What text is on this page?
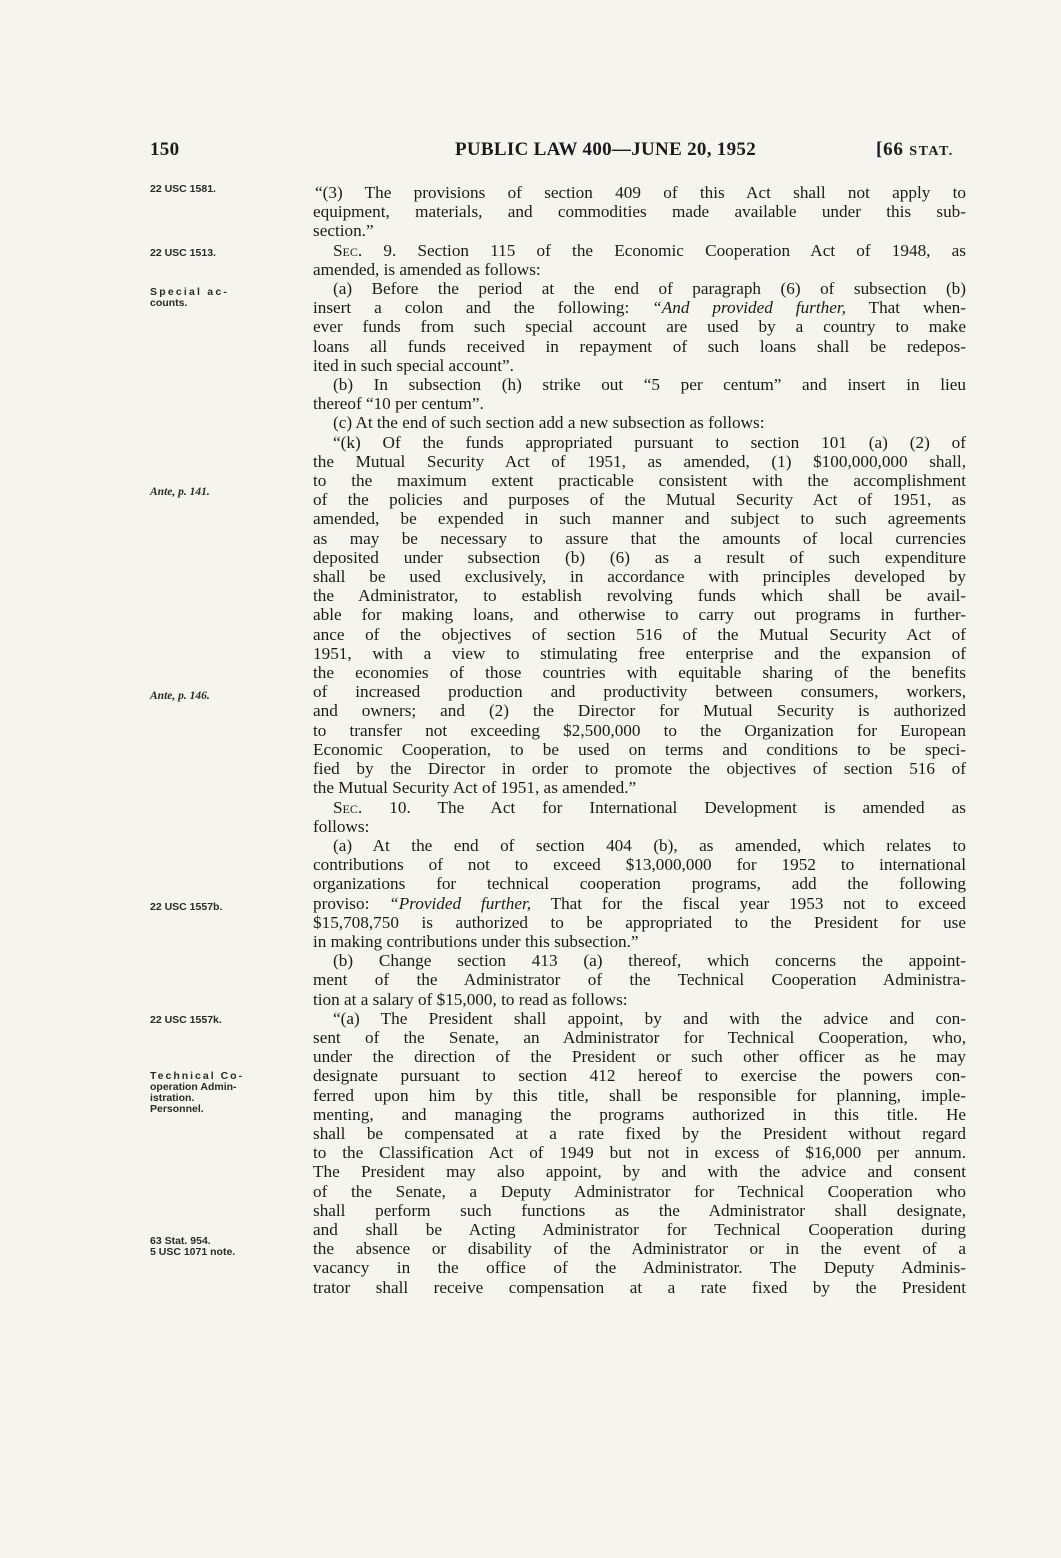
150	PUBLIC LAW 400—JUNE 20, 1952	[66 STAT.
22 USC 1581.
22 USC 1513.
Special ac-
counts.
Ante, p. 141.
Ante, p. 146.
22 USC 1557b.
22 USC 1557k.
Technical Co-
operation Admin-
istration.
Personnel.
63 Stat. 954.
5 USC 1071 note.
“(3) The provisions of section 409 of this Act shall not apply to
equipment, materials, and commodities made available under this sub-
section.”
Sec. 9. Section 115 of the Economic Cooperation Act of 1948, as
amended, is amended as follows:
(a) Before the period at the end of paragraph (6) of subsection (b)
insert a colon and the following: “And provided further, That when-
ever funds from such special account are used by a country to make
loans all funds received in repayment of such loans shall be redepos-
ited in such special account”.
(b) In subsection (h) strike out “5 per centum” and insert in lieu
thereof “10 per centum”.
(c) At the end of such section add a new subsection as follows:
“(k) Of the funds appropriated pursuant to section 101 (a) (2) of
the Mutual Security Act of 1951, as amended, (1) $100,000,000 shall,
to the maximum extent practicable consistent with the accomplishment
of the policies and purposes of the Mutual Security Act of 1951, as
amended, be expended in such manner and subject to such agreements
as may be necessary to assure that the amounts of local currencies
deposited under subsection (b) (6) as a result of such expenditure
shall be used exclusively, in accordance with principles developed by
the Administrator, to establish revolving funds which shall be avail-
able for making loans, and otherwise to carry out programs in further-
ance of the objectives of section 516 of the Mutual Security Act of
1951, with a view to stimulating free enterprise and the expansion of
the economies of those countries with equitable sharing of the benefits
of increased production and productivity between consumers, workers,
and owners; and (2) the Director for Mutual Security is authorized
to transfer not exceeding $2,500,000 to the Organization for European
Economic Cooperation, to be used on terms and conditions to be speci-
fied by the Director in order to promote the objectives of section 516 of
the Mutual Security Act of 1951, as amended.”
Sec. 10. The Act for International Development is amended as
follows:
(a) At the end of section 404 (b), as amended, which relates to
contributions of not to exceed $13,000,000 for 1952 to international
organizations for technical cooperation programs, add the following
proviso: “Provided further, That for the fiscal year 1953 not to exceed
$15,708,750 is authorized to be appropriated to the President for use
in making contributions under this subsection.”
(b) Change section 413 (a) thereof, which concerns the appoint-
ment of the Administrator of the Technical Cooperation Administra-
tion at a salary of $15,000, to read as follows:
“(a) The President shall appoint, by and with the advice and con-
sent of the Senate, an Administrator for Technical Cooperation, who,
under the direction of the President or such other officer as he may
designate pursuant to section 412 hereof to exercise the powers con-
ferred upon him by this title, shall be responsible for planning, imple-
menting, and managing the programs authorized in this title. He
shall be compensated at a rate fixed by the President without regard
to the Classification Act of 1949 but not in excess of $16,000 per annum.
The President may also appoint, by and with the advice and consent
of the Senate, a Deputy Administrator for Technical Cooperation who
shall perform such functions as the Administrator shall designate,
and shall be Acting Administrator for Technical Cooperation during
the absence or disability of the Administrator or in the event of a
vacancy in the office of the Administrator. The Deputy Adminis-
trator shall receive compensation at a rate fixed by the President
